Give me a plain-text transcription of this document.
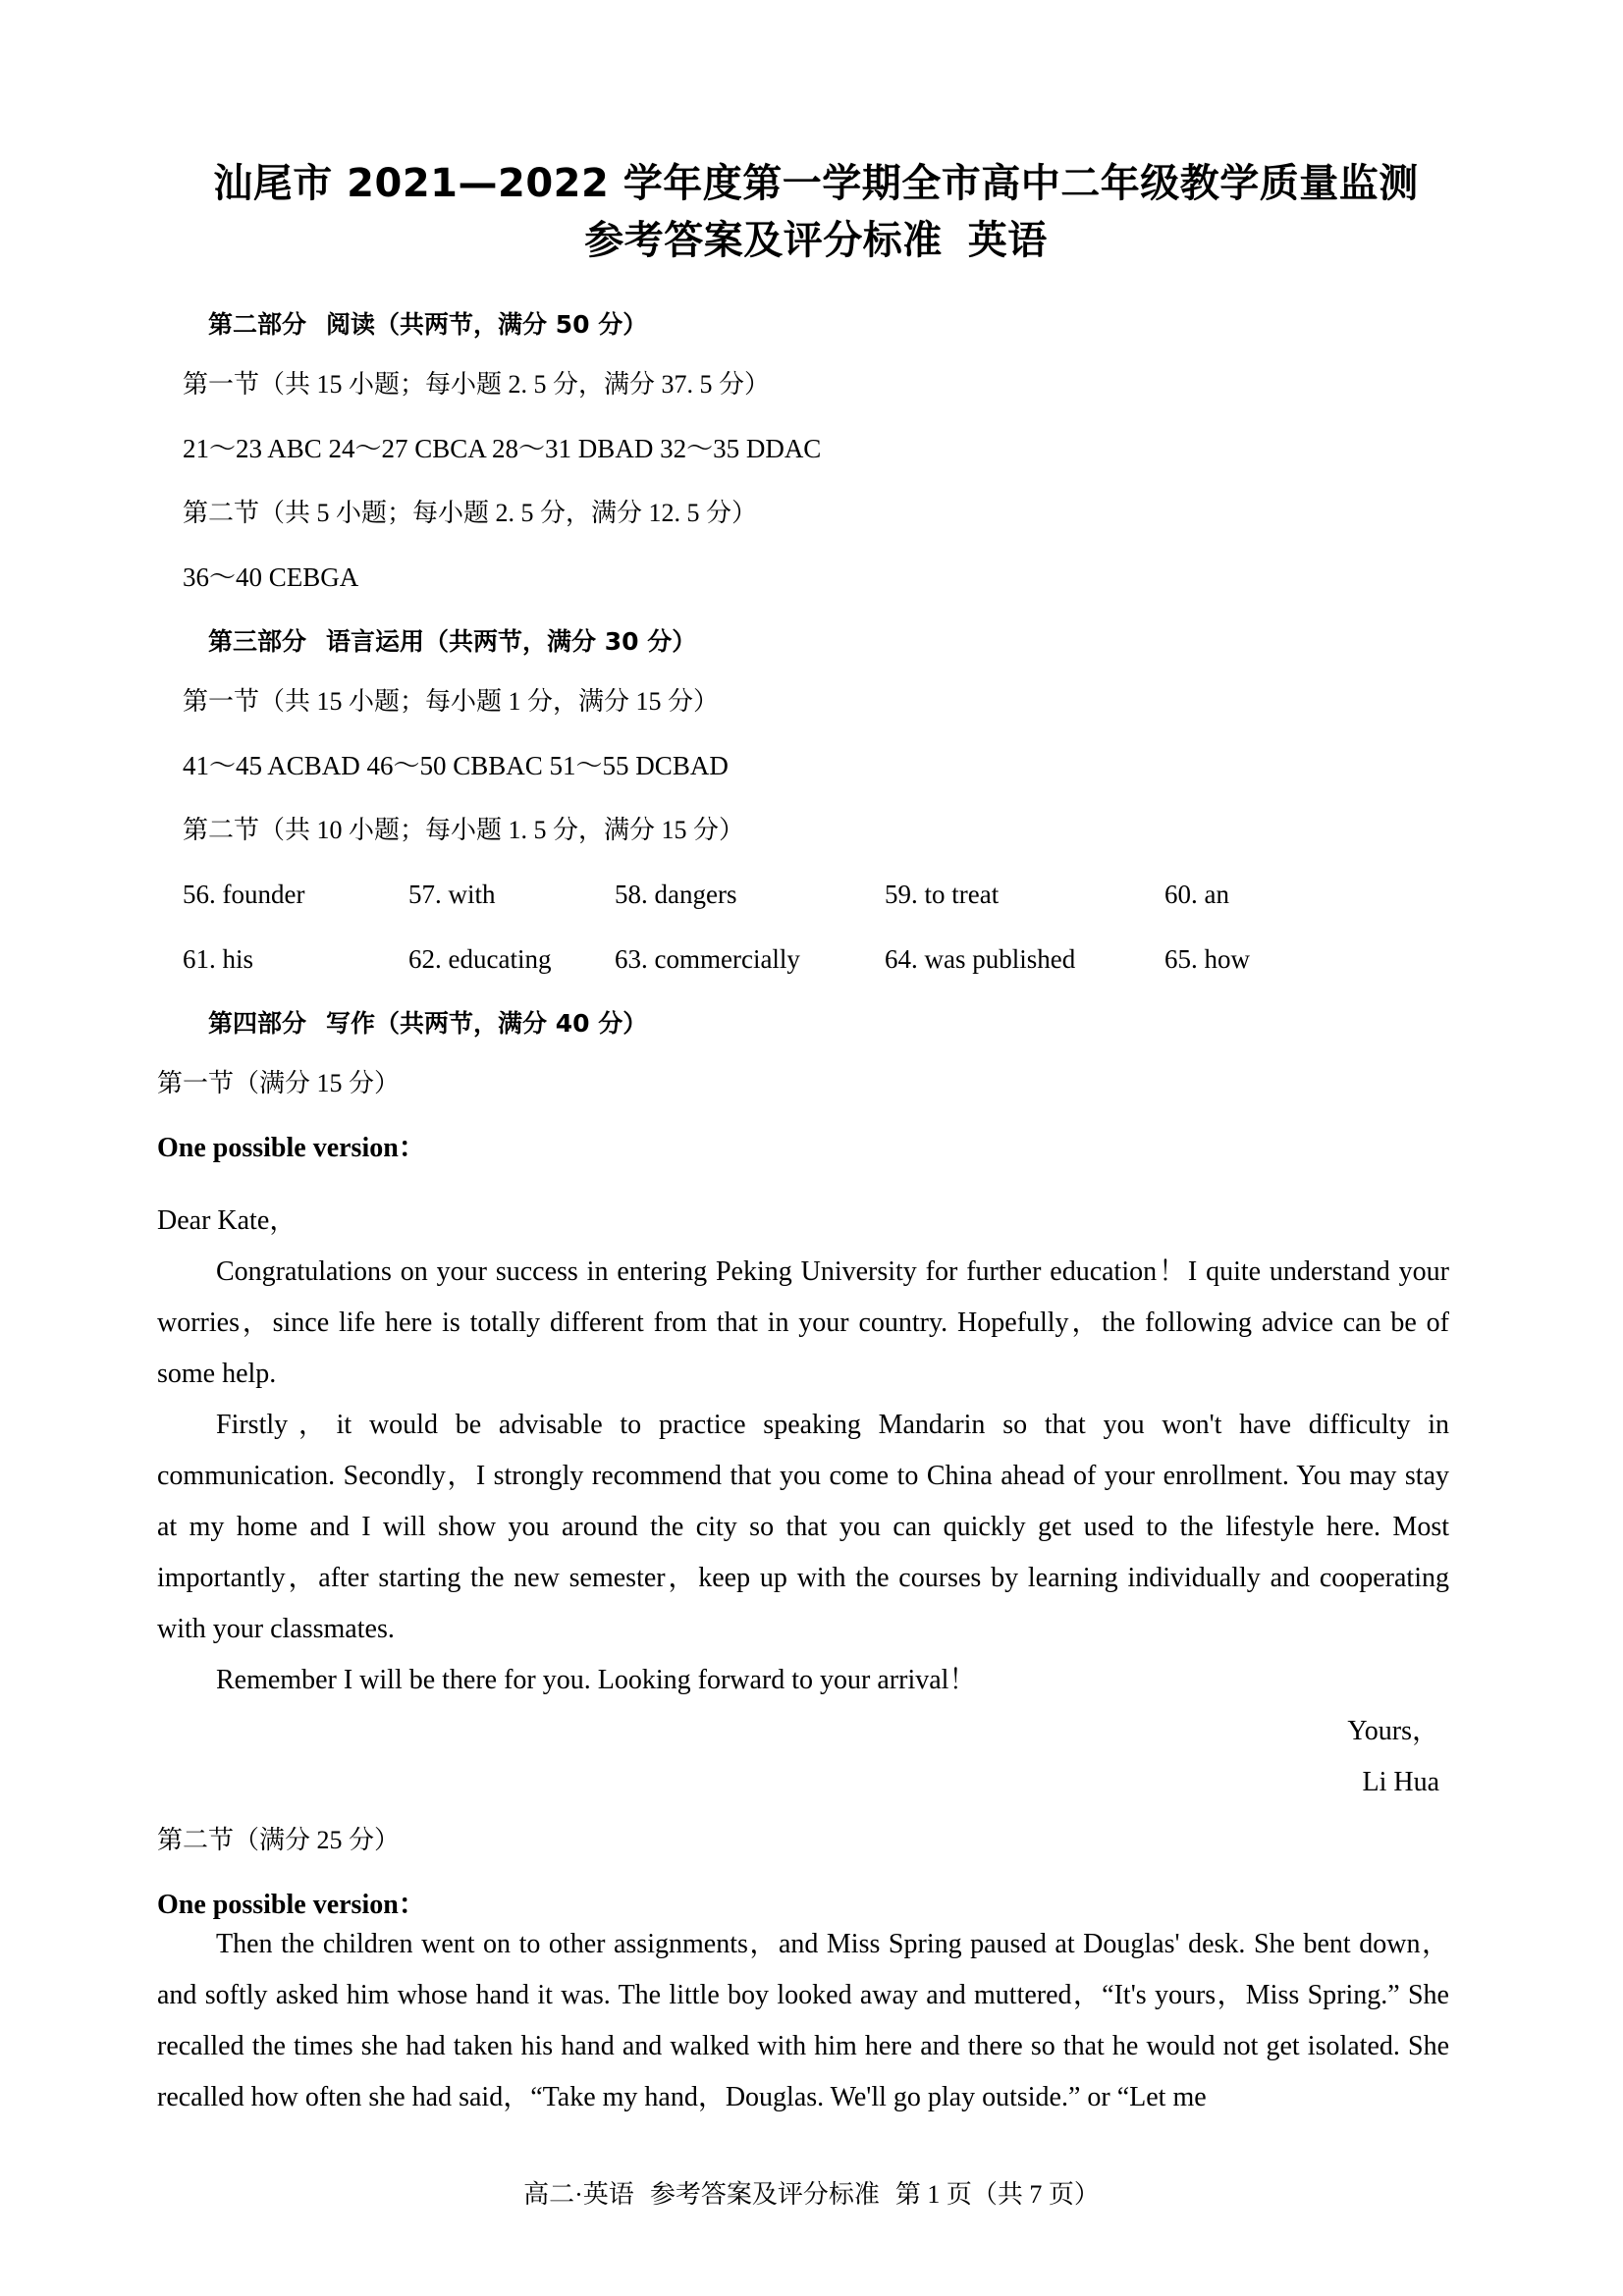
汕尾市 2021—2022 学年度第一学期全市高中二年级教学质量监测
参考答案及评分标准 英语
第二部分 阅读（共两节，满分 50 分）
第一节（共 15 小题；每小题 2. 5 分，满分 37. 5 分）
21～23 ABC 24～27 CBCA 28～31 DBAD 32～35 DDAC
第二节（共 5 小题；每小题 2. 5 分，满分 12. 5 分）
36～40 CEBGA
第三部分 语言运用（共两节，满分 30 分）
第一节（共 15 小题；每小题 1 分，满分 15 分）
41～45 ACBAD 46～50 CBBAC 51～55 DCBAD
第二节（共 10 小题；每小题 1. 5 分，满分 15 分）
56. founder	57. with	58. dangers	59. to treat	60. an
61. his	62. educating	63. commercially	64. was published	65. how
第四部分 写作（共两节，满分 40 分）
第一节（满分 15 分）
One possible version：
Dear Kate，

Congratulations on your success in entering Peking University for further education！I quite understand your worries，since life here is totally different from that in your country. Hopefully，the following advice can be of some help.

Firstly，it would be advisable to practice speaking Mandarin so that you won't have difficulty in communication. Secondly，I strongly recommend that you come to China ahead of your enrollment. You may stay at my home and I will show you around the city so that you can quickly get used to the lifestyle here. Most importantly，after starting the new semester，keep up with the courses by learning individually and cooperating with your classmates.

Remember I will be there for you. Looking forward to your arrival！

Yours，
Li Hua
第二节（满分 25 分）
One possible version：

Then the children went on to other assignments，and Miss Spring paused at Douglas' desk. She bent down，and softly asked him whose hand it was. The little boy looked away and muttered，“It's yours，Miss Spring.” She recalled the times she had taken his hand and walked with him here and there so that he would not get isolated. She recalled how often she had said，“Take my hand，Douglas. We'll go play outside.” or “Let me

高二·英语 参考答案及评分标准 第 1 页（共 7 页）
